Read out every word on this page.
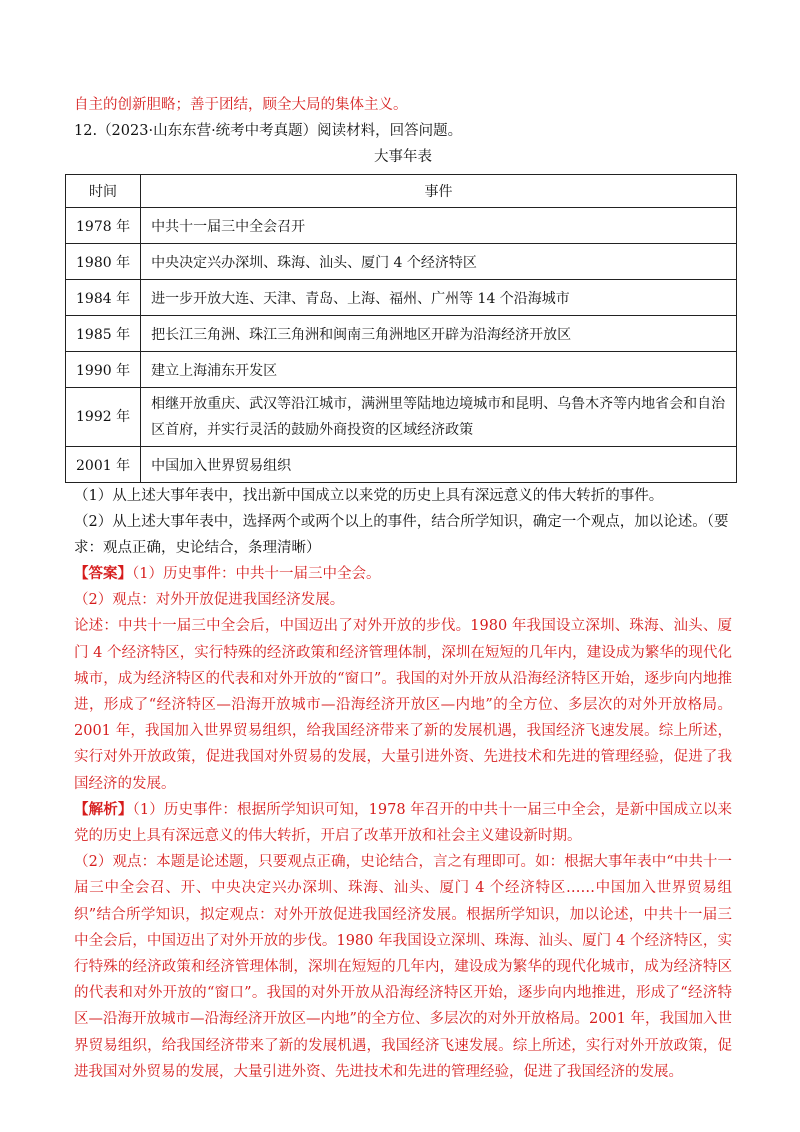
自主的创新胆略；善于团结，顾全大局的集体主义。

12.（2023·山东东营·统考中考真题）阅读材料，回答问题。

大事年表

时间	事件
1978 年	中共十一届三中全会召开
1980 年	中央决定兴办深圳、珠海、汕头、厦门 4 个经济特区
1984 年	进一步开放大连、天津、青岛、上海、福州、广州等 14 个沿海城市
1985 年	把长江三角洲、珠江三角洲和闽南三角洲地区开辟为沿海经济开放区
1990 年	建立上海浦东开发区
1992 年	相继开放重庆、武汉等沿江城市，满洲里等陆地边境城市和昆明、乌鲁木齐等内地省会和自治区首府，并实行灵活的鼓励外商投资的区域经济政策
2001 年	中国加入世界贸易组织

（1）从上述大事年表中，找出新中国成立以来党的历史上具有深远意义的伟大转折的事件。

（2）从上述大事年表中，选择两个或两个以上的事件，结合所学知识，确定一个观点，加以论述。（要求：观点正确，史论结合，条理清晰）

【答案】（1）历史事件：中共十一届三中全会。

（2）观点：对外开放促进我国经济发展。

论述：中共十一届三中全会后，中国迈出了对外开放的步伐。1980 年我国设立深圳、珠海、汕头、厦门 4 个经济特区，实行特殊的经济政策和经济管理体制，深圳在短短的几年内，建设成为繁华的现代化城市，成为经济特区的代表和对外开放的“窗口”。我国的对外开放从沿海经济特区开始，逐步向内地推进，形成了“经济特区—沿海开放城市—沿海经济开放区—内地”的全方位、多层次的对外开放格局。2001 年，我国加入世界贸易组织，给我国经济带来了新的发展机遇，我国经济飞速发展。综上所述，实行对外开放政策，促进我国对外贸易的发展，大量引进外资、先进技术和先进的管理经验，促进了我国经济的发展。

【解析】（1）历史事件：根据所学知识可知，1978 年召开的中共十一届三中全会，是新中国成立以来党的历史上具有深远意义的伟大转折，开启了改革开放和社会主义建设新时期。

（2）观点：本题是论述题，只要观点正确，史论结合，言之有理即可。如：根据大事年表中“中共十一届三中全会召、开、中央决定兴办深圳、珠海、汕头、厦门 4 个经济特区……中国加入世界贸易组织”结合所学知识，拟定观点：对外开放促进我国经济发展。根据所学知识，加以论述，中共十一届三中全会后，中国迈出了对外开放的步伐。1980 年我国设立深圳、珠海、汕头、厦门 4 个经济特区，实行特殊的经济政策和经济管理体制，深圳在短短的几年内，建设成为繁华的现代化城市，成为经济特区的代表和对外开放的“窗口”。我国的对外开放从沿海经济特区开始，逐步向内地推进，形成了“经济特区—沿海开放城市—沿海经济开放区—内地”的全方位、多层次的对外开放格局。2001 年，我国加入世界贸易组织，给我国经济带来了新的发展机遇，我国经济飞速发展。综上所述，实行对外开放政策，促进我国对外贸易的发展，大量引进外资、先进技术和先进的管理经验，促进了我国经济的发展。
